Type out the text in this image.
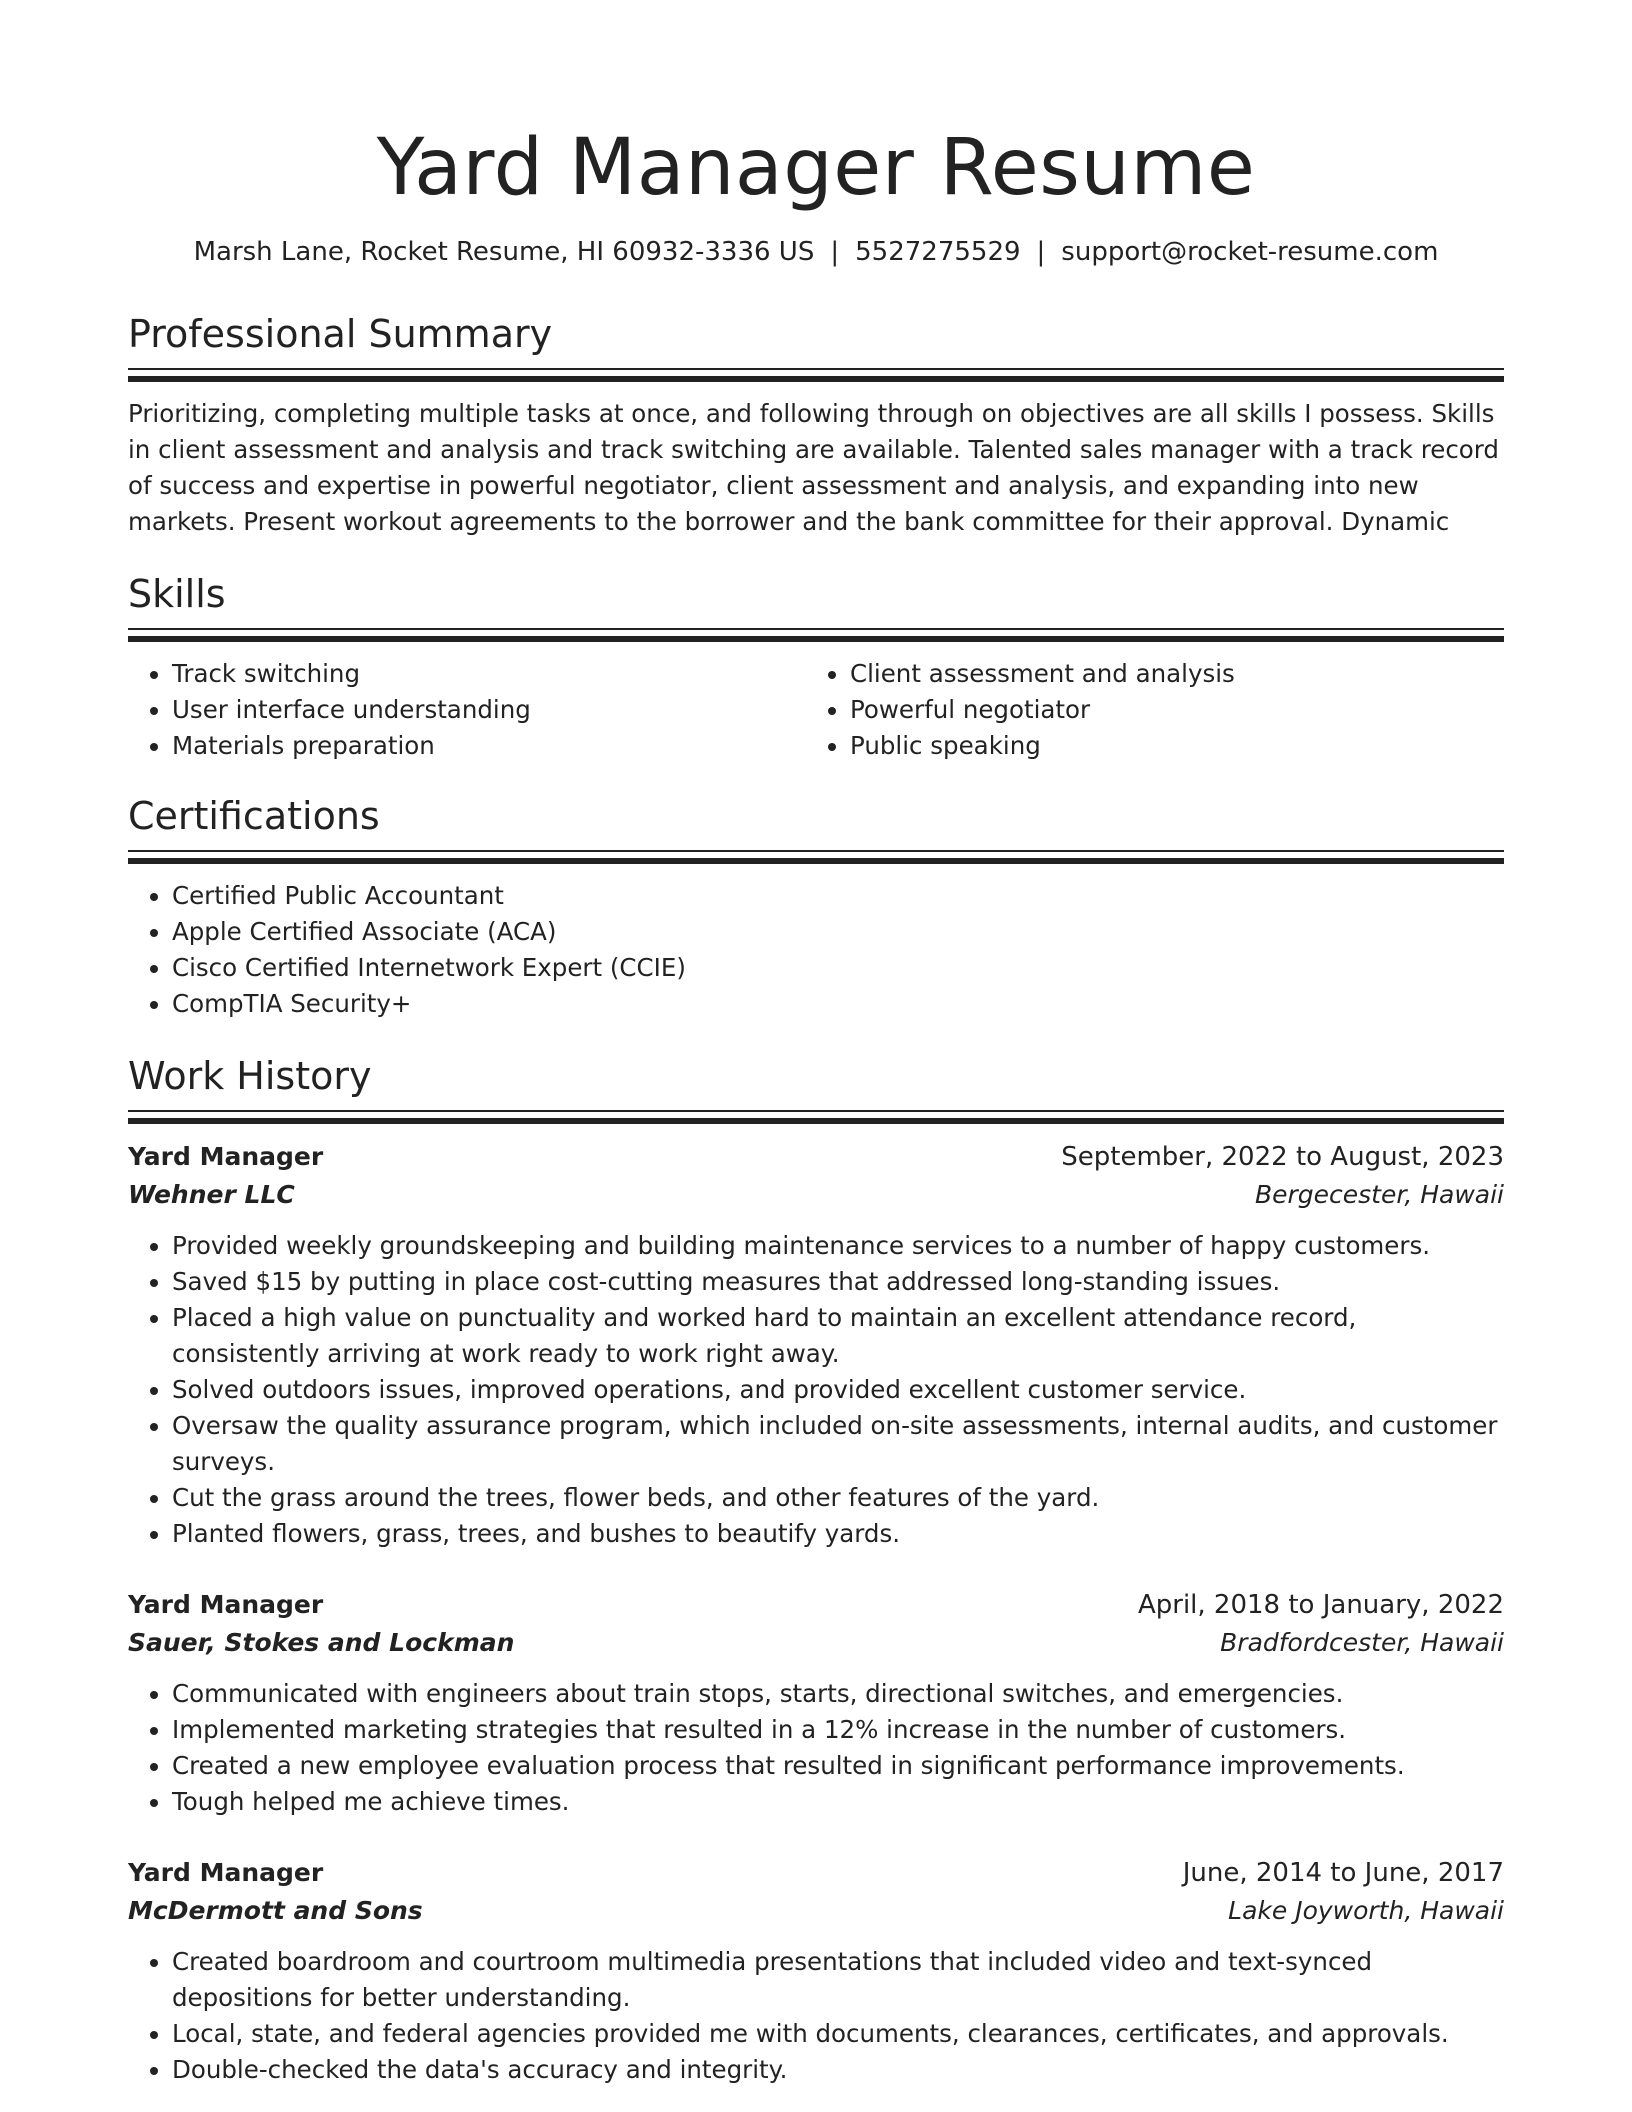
Yard Manager Resume
Marsh Lane, Rocket Resume, HI 60932-3336 US | 5527275529 | support@rocket-resume.com
Professional Summary

Prioritizing, completing multiple tasks at once, and following through on objectives are all skills I possess. Skills in client assessment and analysis and track switching are available. Talented sales manager with a track record of success and expertise in powerful negotiator, client assessment and analysis, and expanding into new markets. Present workout agreements to the borrower and the bank committee for their approval. Dynamic

Skills
• Track switching
• User interface understanding
• Materials preparation
• Client assessment and analysis
• Powerful negotiator
• Public speaking
Certifications
• Certified Public Accountant
• Apple Certified Associate (ACA)
• Cisco Certified Internetwork Expert (CCIE)
• CompTIA Security+
Work History
Yard Manager	September, 2022 to August, 2023
Wehner LLC	Bergecester, Hawaii
• Provided weekly groundskeeping and building maintenance services to a number of happy customers.
• Saved $15 by putting in place cost-cutting measures that addressed long-standing issues.
• Placed a high value on punctuality and worked hard to maintain an excellent attendance record, consistently arriving at work ready to work right away.
• Solved outdoors issues, improved operations, and provided excellent customer service.
• Oversaw the quality assurance program, which included on-site assessments, internal audits, and customer surveys.
• Cut the grass around the trees, flower beds, and other features of the yard.
• Planted flowers, grass, trees, and bushes to beautify yards.
Yard Manager	April, 2018 to January, 2022
Sauer, Stokes and Lockman	Bradfordcester, Hawaii
• Communicated with engineers about train stops, starts, directional switches, and emergencies.
• Implemented marketing strategies that resulted in a 12% increase in the number of customers.
• Created a new employee evaluation process that resulted in significant performance improvements.
• Tough helped me achieve times.
Yard Manager	June, 2014 to June, 2017
McDermott and Sons	Lake Joyworth, Hawaii
• Created boardroom and courtroom multimedia presentations that included video and text-synced depositions for better understanding.
• Local, state, and federal agencies provided me with documents, clearances, certificates, and approvals.
• Double-checked the data's accuracy and integrity.
